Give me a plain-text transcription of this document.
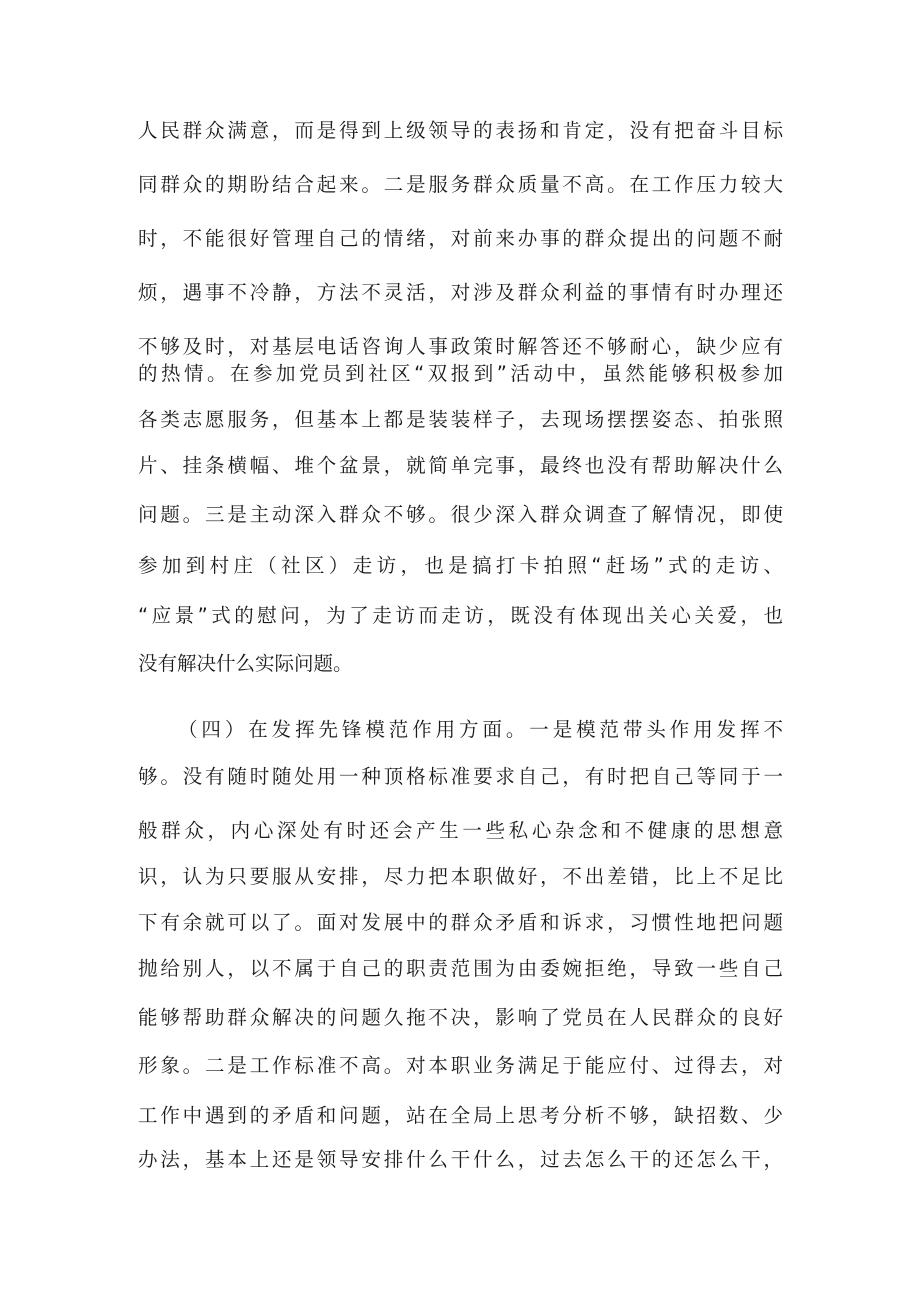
人民群众满意，而是得到上级领导的表扬和肯定，没有把奋斗目标
同群众的期盼结合起来。二是服务群众质量不高。在工作压力较大
时，不能很好管理自己的情绪，对前来办事的群众提出的问题不耐
烦，遇事不冷静，方法不灵活，对涉及群众利益的事情有时办理还
不够及时，对基层电话咨询人事政策时解答还不够耐心，缺少应有
的热情。在参加党员到社区“双报到”活动中，虽然能够积极参加
各类志愿服务，但基本上都是装装样子，去现场摆摆姿态、拍张照
片、挂条横幅、堆个盆景，就简单完事，最终也没有帮助解决什么
问题。三是主动深入群众不够。很少深入群众调查了解情况，即使
参加到村庄（社区）走访，也是搞打卡拍照“赶场”式的走访、
“应景”式的慰问，为了走访而走访，既没有体现出关心关爱，也
没有解决什么实际问题。
（四）在发挥先锋模范作用方面。一是模范带头作用发挥不
够。没有随时随处用一种顶格标准要求自己，有时把自己等同于一
般群众，内心深处有时还会产生一些私心杂念和不健康的思想意
识，认为只要服从安排，尽力把本职做好，不出差错，比上不足比
下有余就可以了。面对发展中的群众矛盾和诉求，习惯性地把问题
抛给别人，以不属于自己的职责范围为由委婉拒绝，导致一些自己
能够帮助群众解决的问题久拖不决，影响了党员在人民群众的良好
形象。二是工作标准不高。对本职业务满足于能应付、过得去，对
工作中遇到的矛盾和问题，站在全局上思考分析不够，缺招数、少
办法，基本上还是领导安排什么干什么，过去怎么干的还怎么干，
